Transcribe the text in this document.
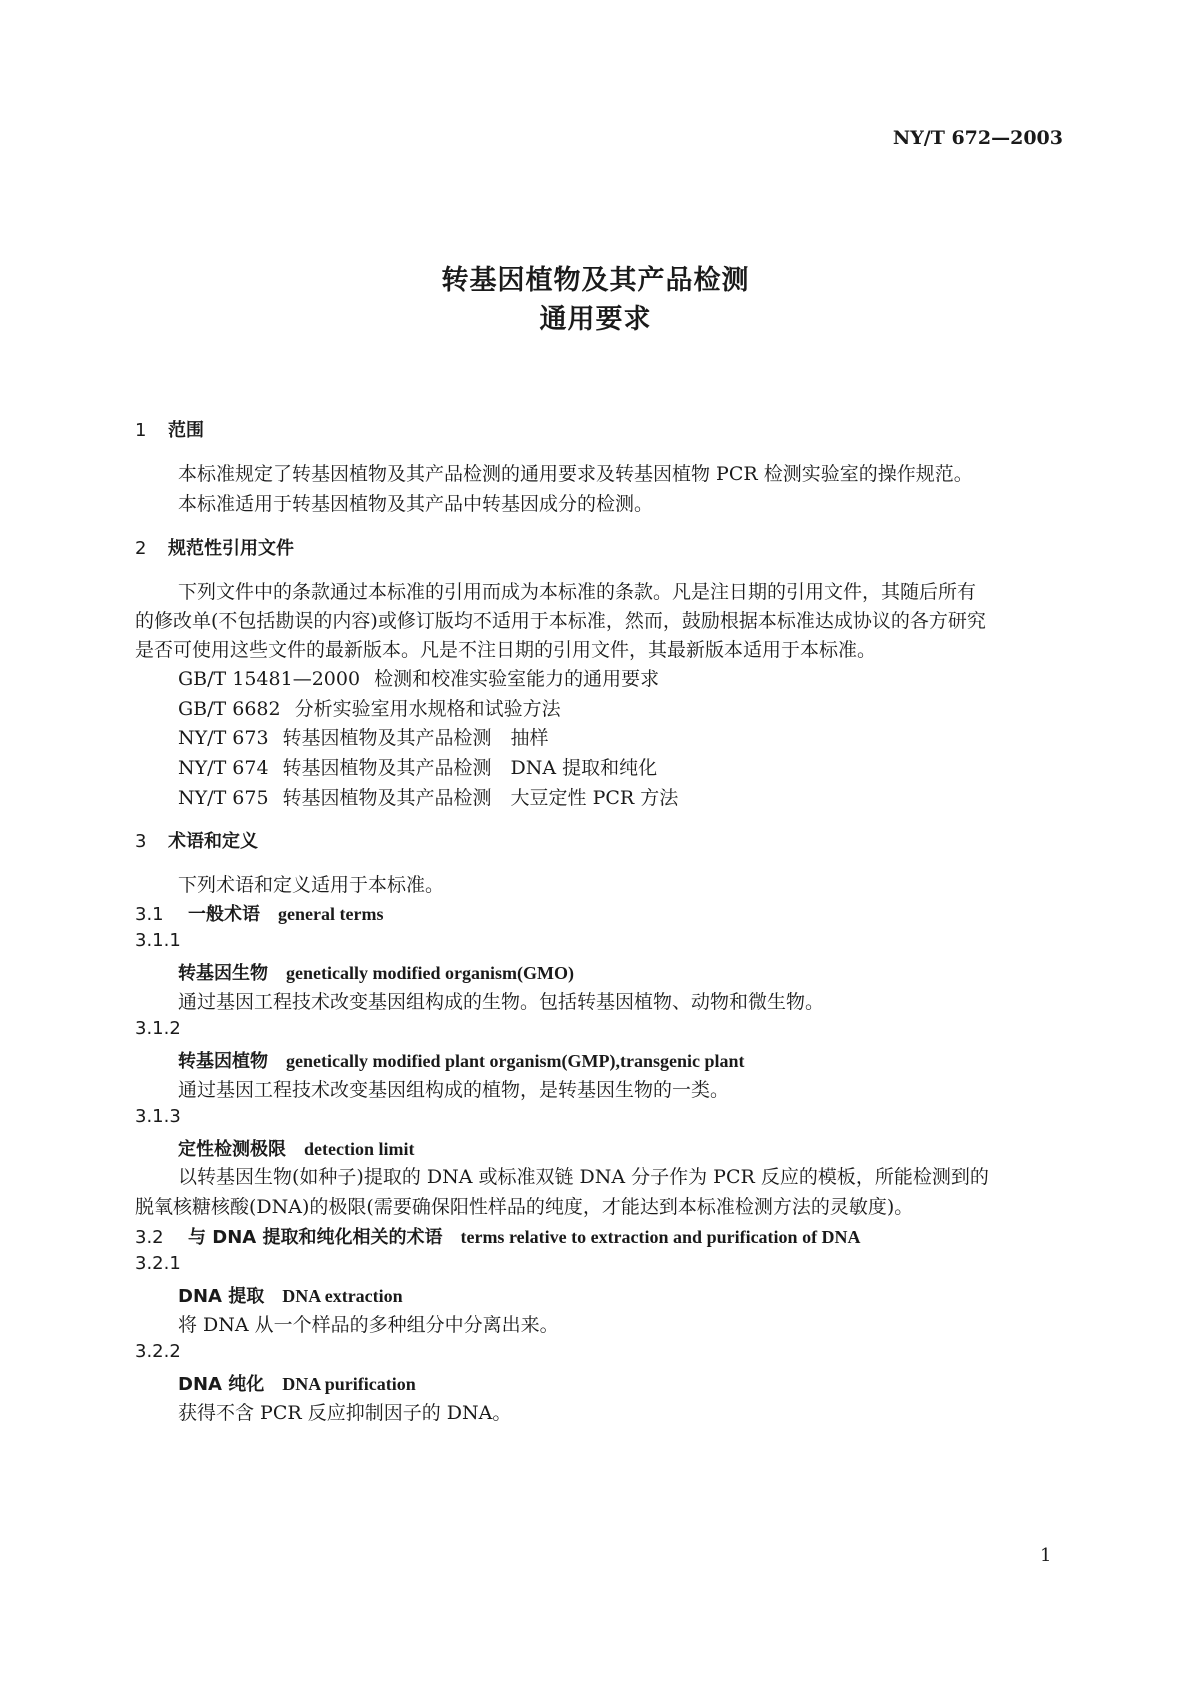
NY/T 672—2003
转基因植物及其产品检测
通用要求
1 范围
本标准规定了转基因植物及其产品检测的通用要求及转基因植物 PCR 检测实验室的操作规范。
本标准适用于转基因植物及其产品中转基因成分的检测。
2 规范性引用文件
下列文件中的条款通过本标准的引用而成为本标准的条款。凡是注日期的引用文件，其随后所有
的修改单(不包括勘误的内容)或修订版均不适用于本标准，然而，鼓励根据本标准达成协议的各方研究
是否可使用这些文件的最新版本。凡是不注日期的引用文件，其最新版本适用于本标准。
GB/T 15481—2000 检测和校准实验室能力的通用要求
GB/T 6682 分析实验室用水规格和试验方法
NY/T 673 转基因植物及其产品检测　抽样
NY/T 674 转基因植物及其产品检测　DNA 提取和纯化
NY/T 675 转基因植物及其产品检测　大豆定性 PCR 方法
3 术语和定义
下列术语和定义适用于本标准。
3.1 一般术语 general terms
3.1.1
转基因生物 genetically modified organism(GMO)
通过基因工程技术改变基因组构成的生物。包括转基因植物、动物和微生物。
3.1.2
转基因植物 genetically modified plant organism(GMP),transgenic plant
通过基因工程技术改变基因组构成的植物，是转基因生物的一类。
3.1.3
定性检测极限 detection limit
以转基因生物(如种子)提取的 DNA 或标准双链 DNA 分子作为 PCR 反应的模板，所能检测到的
脱氧核糖核酸(DNA)的极限(需要确保阳性样品的纯度，才能达到本标准检测方法的灵敏度)。
3.2 与 DNA 提取和纯化相关的术语 terms relative to extraction and purification of DNA
3.2.1
DNA 提取 DNA extraction
将 DNA 从一个样品的多种组分中分离出来。
3.2.2
DNA 纯化 DNA purification
获得不含 PCR 反应抑制因子的 DNA。
1
